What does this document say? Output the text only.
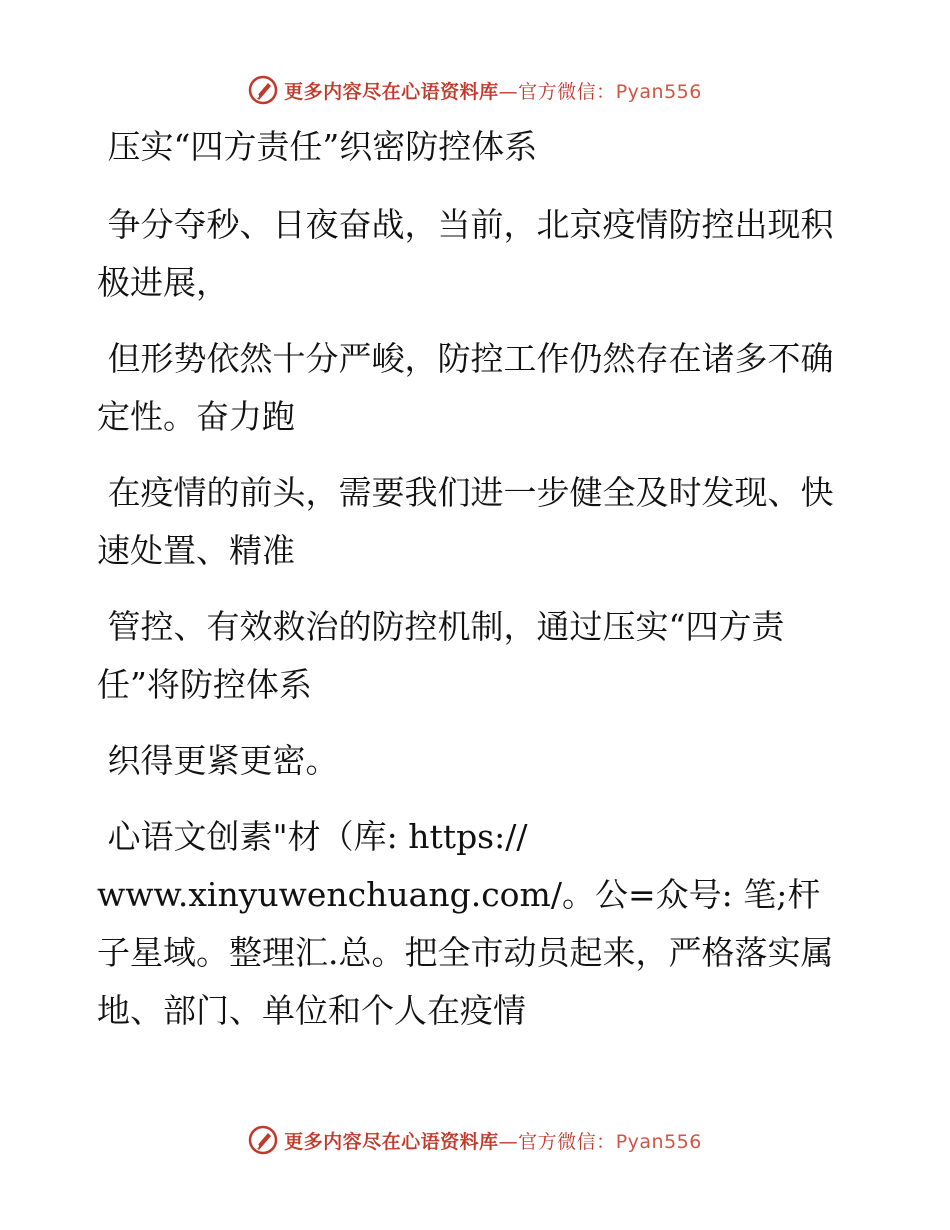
更多内容尽在心语资料库—官方微信：Pyan556

压实“四方责任”织密防控体系

争分夺秒、日夜奋战，当前，北京疫情防控出现积极进展，

但形势依然十分严峻，防控工作仍然存在诸多不确定性。奋力跑

在疫情的前头，需要我们进一步健全及时发现、快速处置、精准

管控、有效救治的防控机制，通过压实“四方责任”将防控体系

织得更紧更密。

心语文创素"材（库: https://
www.xinyuwenchuang.com/。公=众号: 笔;杆子星域。整理汇.总。把全市动员起来，严格落实属地、部门、单位和个人在疫情

更多内容尽在心语资料库—官方微信：Pyan556
